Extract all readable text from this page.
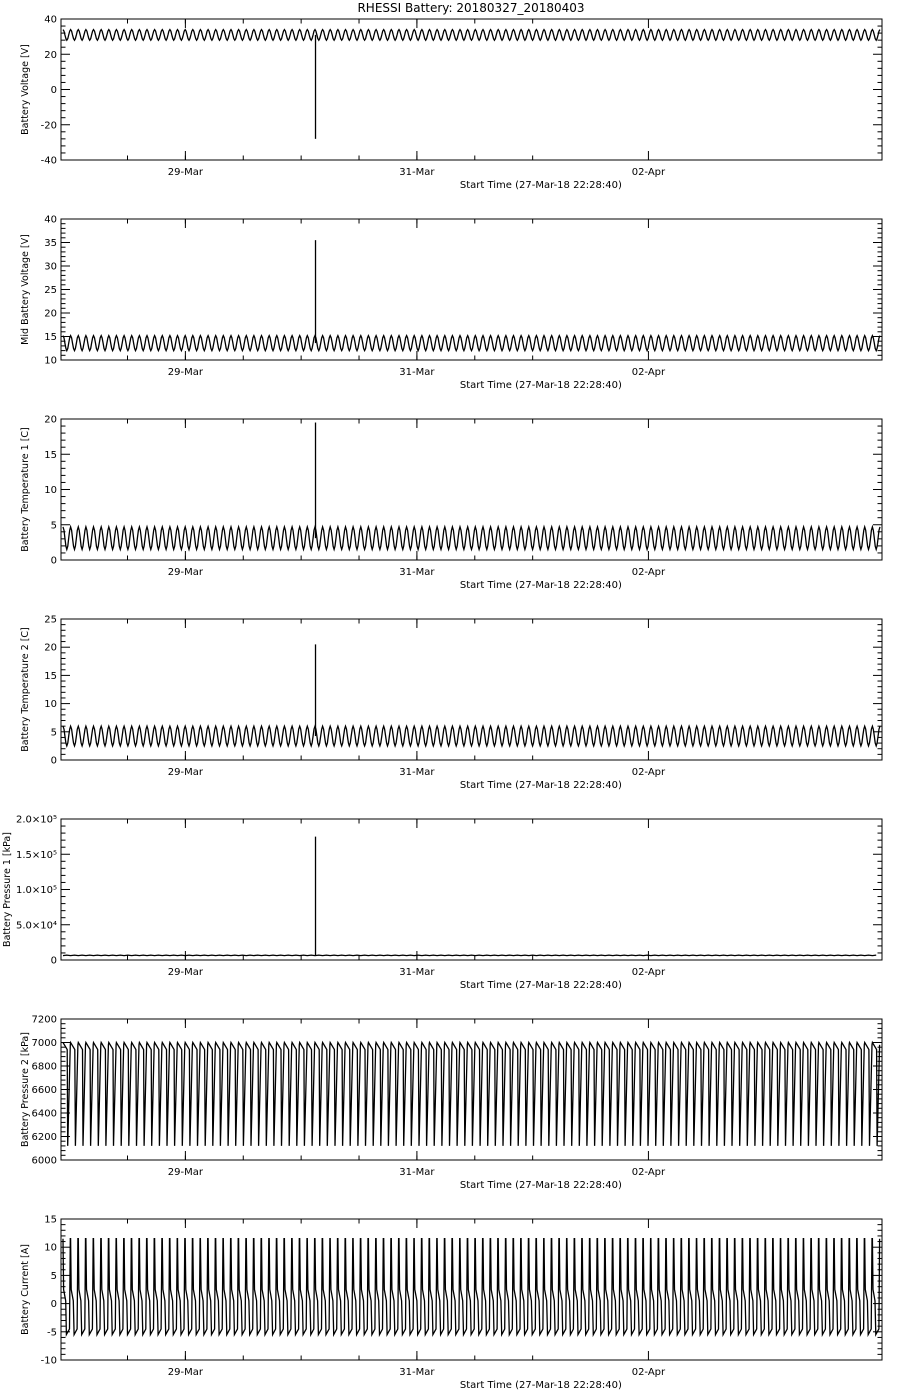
RHESSI Battery: 20180327_20180403
-40
-20
0
20
40
29-Mar	31-Mar	02-Apr
Start Time (27-Mar-18 22:28:40)
Battery Voltage [V]
10
15
20
25
30
35
40
29-Mar	31-Mar	02-Apr
Start Time (27-Mar-18 22:28:40)
Mid Battery Voltage [V]
0
5
10
15
20
29-Mar	31-Mar	02-Apr
Start Time (27-Mar-18 22:28:40)
Battery Temperature 1 [C]
0
5
10
15
20
25
29-Mar	31-Mar	02-Apr
Start Time (27-Mar-18 22:28:40)
Battery Temperature 2 [C]
0
5.0×10⁴
1.0×10⁵
1.5×10⁵
2.0×10⁵
29-Mar	31-Mar	02-Apr
Start Time (27-Mar-18 22:28:40)
Battery Pressure 1 [kPa]
6000
6200
6400
6600
6800
7000
7200
29-Mar	31-Mar	02-Apr
Start Time (27-Mar-18 22:28:40)
Battery Pressure 2 [kPa]
-10
-5
0
5
10
15
29-Mar	31-Mar	02-Apr
Start Time (27-Mar-18 22:28:40)
Battery Current [A]
